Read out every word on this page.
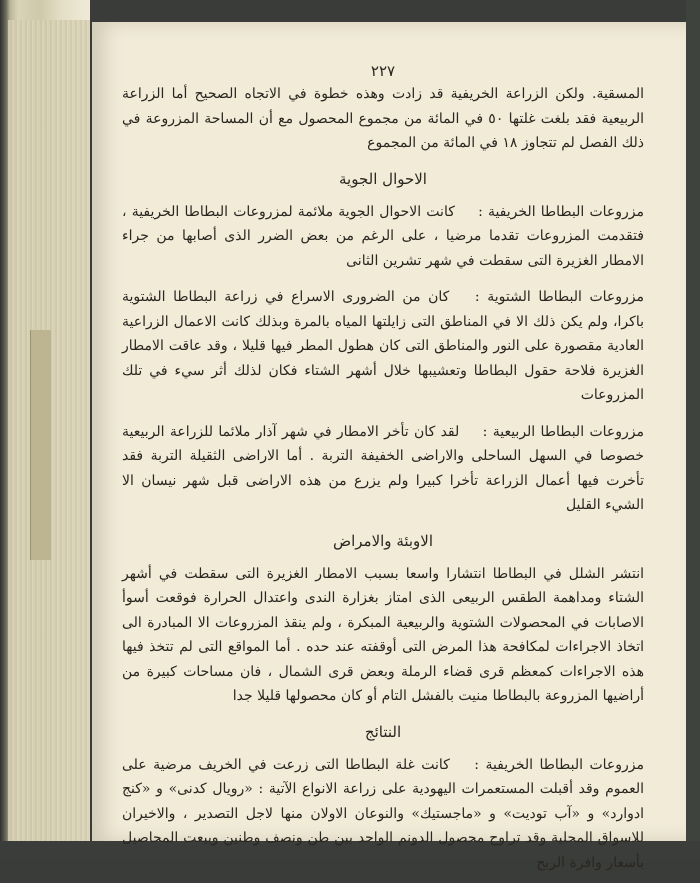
٢٢٧

المسقية. ولكن الزراعة الخريفية قد زادت وهذه خطوة في الاتجاه الصحيح أما الزراعة الربيعية فقد بلغت غلتها ٥٠ في المائة من مجموع المحصول مع أن المساحة المزروعة في ذلك الفصل لم تتجاوز ١٨ في المائة من المجموع

الاحوال الجوية

مزروعات البطاطا الخريفية : كانت الاحوال الجوية ملائمة لمزروعات البطاطا الخريفية ، فتقدمت المزروعات تقدما مرضيا ، على الرغم من بعض الضرر الذى أصابها من جراء الامطار الغزيرة التى سقطت في شهر تشرين الثانى

مزروعات البطاطا الشتوية : كان من الضرورى الاسراع في زراعة البطاطا الشتوية باكرا، ولم يكن ذلك الا في المناطق التى زايلتها المياه بالمرة وبذلك كانت الاعمال الزراعية العادية مقصورة على النور والمناطق التى كان هطول المطر فيها قليلا ، وقد عاقت الامطار الغزيرة فلاحة حقول البطاطا وتعشيبها خلال أشهر الشتاء فكان لذلك أثر سيء في تلك المزروعات

مزروعات البطاطا الربيعية : لقد كان تأخر الامطار في شهر آذار ملائما للزراعة الربيعية خصوصا في السهل الساحلى والاراضى الخفيفة التربة . أما الاراضى الثقيلة التربة فقد تأخرت فيها أعمال الزراعة تأخرا كبيرا ولم يزرع من هذه الاراضى قبل شهر نيسان الا الشيء القليل

الاوبئة والامراض

انتشر الشلل في البطاطا انتشارا واسعا بسبب الامطار الغزيرة التى سقطت في أشهر الشتاء ومداهمة الطقس الربيعى الذى امتاز بغزارة الندى واعتدال الحرارة فوقعت أسوأ الاصابات في المحصولات الشتوية والربيعية المبكرة ، ولم ينقذ المزروعات الا المبادرة الى اتخاذ الاجراءات لمكافحة هذا المرض التى أوقفته عند حده . أما المواقع التى لم تتخذ فيها هذه الاجراءات كمعظم قرى قضاء الرملة وبعض قرى الشمال ، فان مساحات كبيرة من أراضيها المزروعة بالبطاطا منيت بالفشل التام أو كان محصولها قليلا جدا

النتائج

مزروعات البطاطا الخريفية : كانت غلة البطاطا التى زرعت في الخريف مرضية على العموم وقد أقبلت المستعمرات اليهودية على زراعة الانواع الآتية : «رويال كدنى» و «كنج ادوارد» و «آب تودیت» و «ماجستيك» والنوعان الاولان منها لاجل التصدير ، والاخيران للاسواق المحلية وقد تراوح محصول الدونم الواحد بين طن ونصف وطنين وبيعت المحاصيل بأسعار وافرة الربح
